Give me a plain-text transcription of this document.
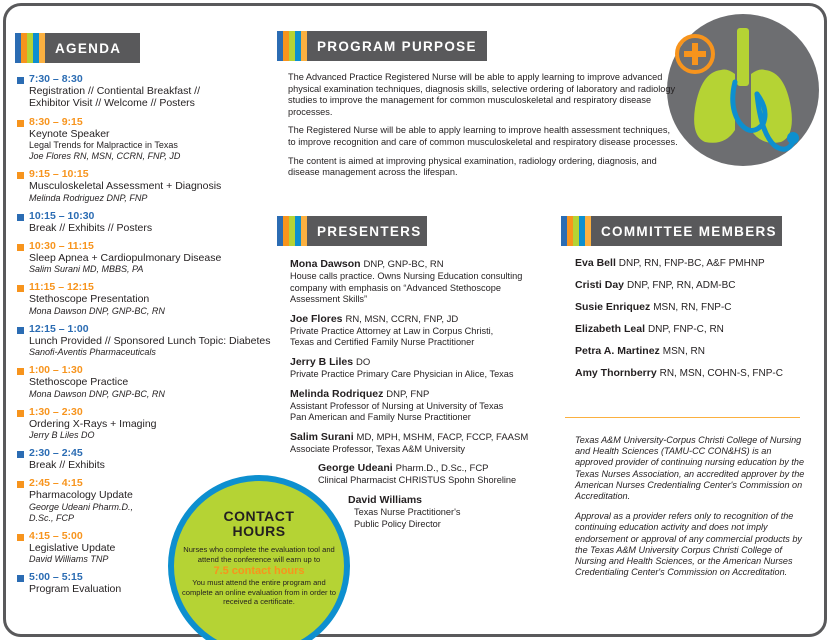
AGENDA	PROGRAM PURPOSE
PRESENTERS	COMMITTEE MEMBERS
7:30 – 8:30
Registration // Contiental Breakfast //
Exhibitor Visit // Welcome // Posters
8:30 – 9:15
Keynote Speaker
Legal Trends for Malpractice in Texas
Joe Flores RN, MSN, CCRN, FNP, JD
9:15 – 10:15
Musculoskeletal Assessment + Diagnosis
Melinda Rodriguez DNP, FNP
10:15 – 10:30
Break // Exhibits // Posters
10:30 – 11:15
Sleep Apnea + Cardiopulmonary Disease
Salim Surani MD, MBBS, PA
11:15 – 12:15
Stethoscope Presentation
Mona Dawson DNP, GNP-BC, RN
12:15 – 1:00
Lunch Provided // Sponsored Lunch Topic: Diabetes
Sanofi-Aventis Pharmaceuticals
1:00 – 1:30
Stethoscope Practice
Mona Dawson DNP, GNP-BC, RN
1:30 – 2:30
Ordering X-Rays + Imaging
Jerry B Liles DO
2:30 – 2:45
Break // Exhibits
2:45 – 4:15
Pharmacology Update
George Udeani Pharm.D.,
D.Sc., FCP
4:15 – 5:00
Legislative Update
David Williams TNP
5:00 – 5:15
Program Evaluation

The Advanced Practice Registered Nurse will be able to apply learning to improve advanced physical examination techniques, diagnosis skills, selective ordering of laboratory and radiology studies to improve the management for common musculoskeletal and respiratory disease processes.

The Registered Nurse will be able to apply learning to improve health assessment techniques, to improve recognition and care of common musculoskeletal and respiratory disease processes.

The content is aimed at improving physical examination, radiology ordering, diagnosis, and disease management across the lifespan.

Mona Dawson DNP, GNP-BC, RN
House calls practice. Owns Nursing Education consulting
company with emphasis on “Advanced Stethoscope
Assessment Skills”
Joe Flores RN, MSN, CCRN, FNP, JD
Private Practice Attorney at Law in Corpus Christi,
Texas and Certified Family Nurse Practitioner
Jerry B Liles DO
Private Practice Primary Care Physician in Alice, Texas
Melinda Rodriquez DNP, FNP
Assistant Professor of Nursing at University of Texas
Pan American and Family Nurse Practitioner
Salim Surani MD, MPH, MSHM, FACP, FCCP, FAASM
Associate Professor, Texas A&M University
George Udeani Pharm.D., D.Sc., FCP
Clinical Pharmacist CHRISTUS Spohn Shoreline
David Williams
Texas Nurse Practitioner's
Public Policy Director
Eva Bell DNP, RN, FNP-BC, A&F PMHNP
Cristi Day DNP, FNP, RN, ADM-BC
Susie Enriquez MSN, RN, FNP-C
Elizabeth Leal DNP, FNP-C, RN
Petra A. Martinez MSN, RN
Amy Thornberry RN, MSN, COHN-S, FNP-C

Texas A&M University-Corpus Christi College of Nursing and Health Sciences (TAMU-CC CON&HS) is an approved provider of continuing nursing education by the Texas Nurses Association, an accredited approver by the American Nurses Credentialing Center's Commission on Accreditation.

Approval as a provider refers only to recognition of the continuing education activity and does not imply endorsement or approval of any commercial products by the Texas A&M University Corpus Christi College of Nursing and Health Sciences, or the American Nurses Credentialing Center's Commission on Accreditation.

CONTACT HOURS
Nurses who complete the evaluation tool and attend the conference will earn up to
7.5 contact hours
You must attend the entire program and complete an online evaluation from in order to received a certificate.
